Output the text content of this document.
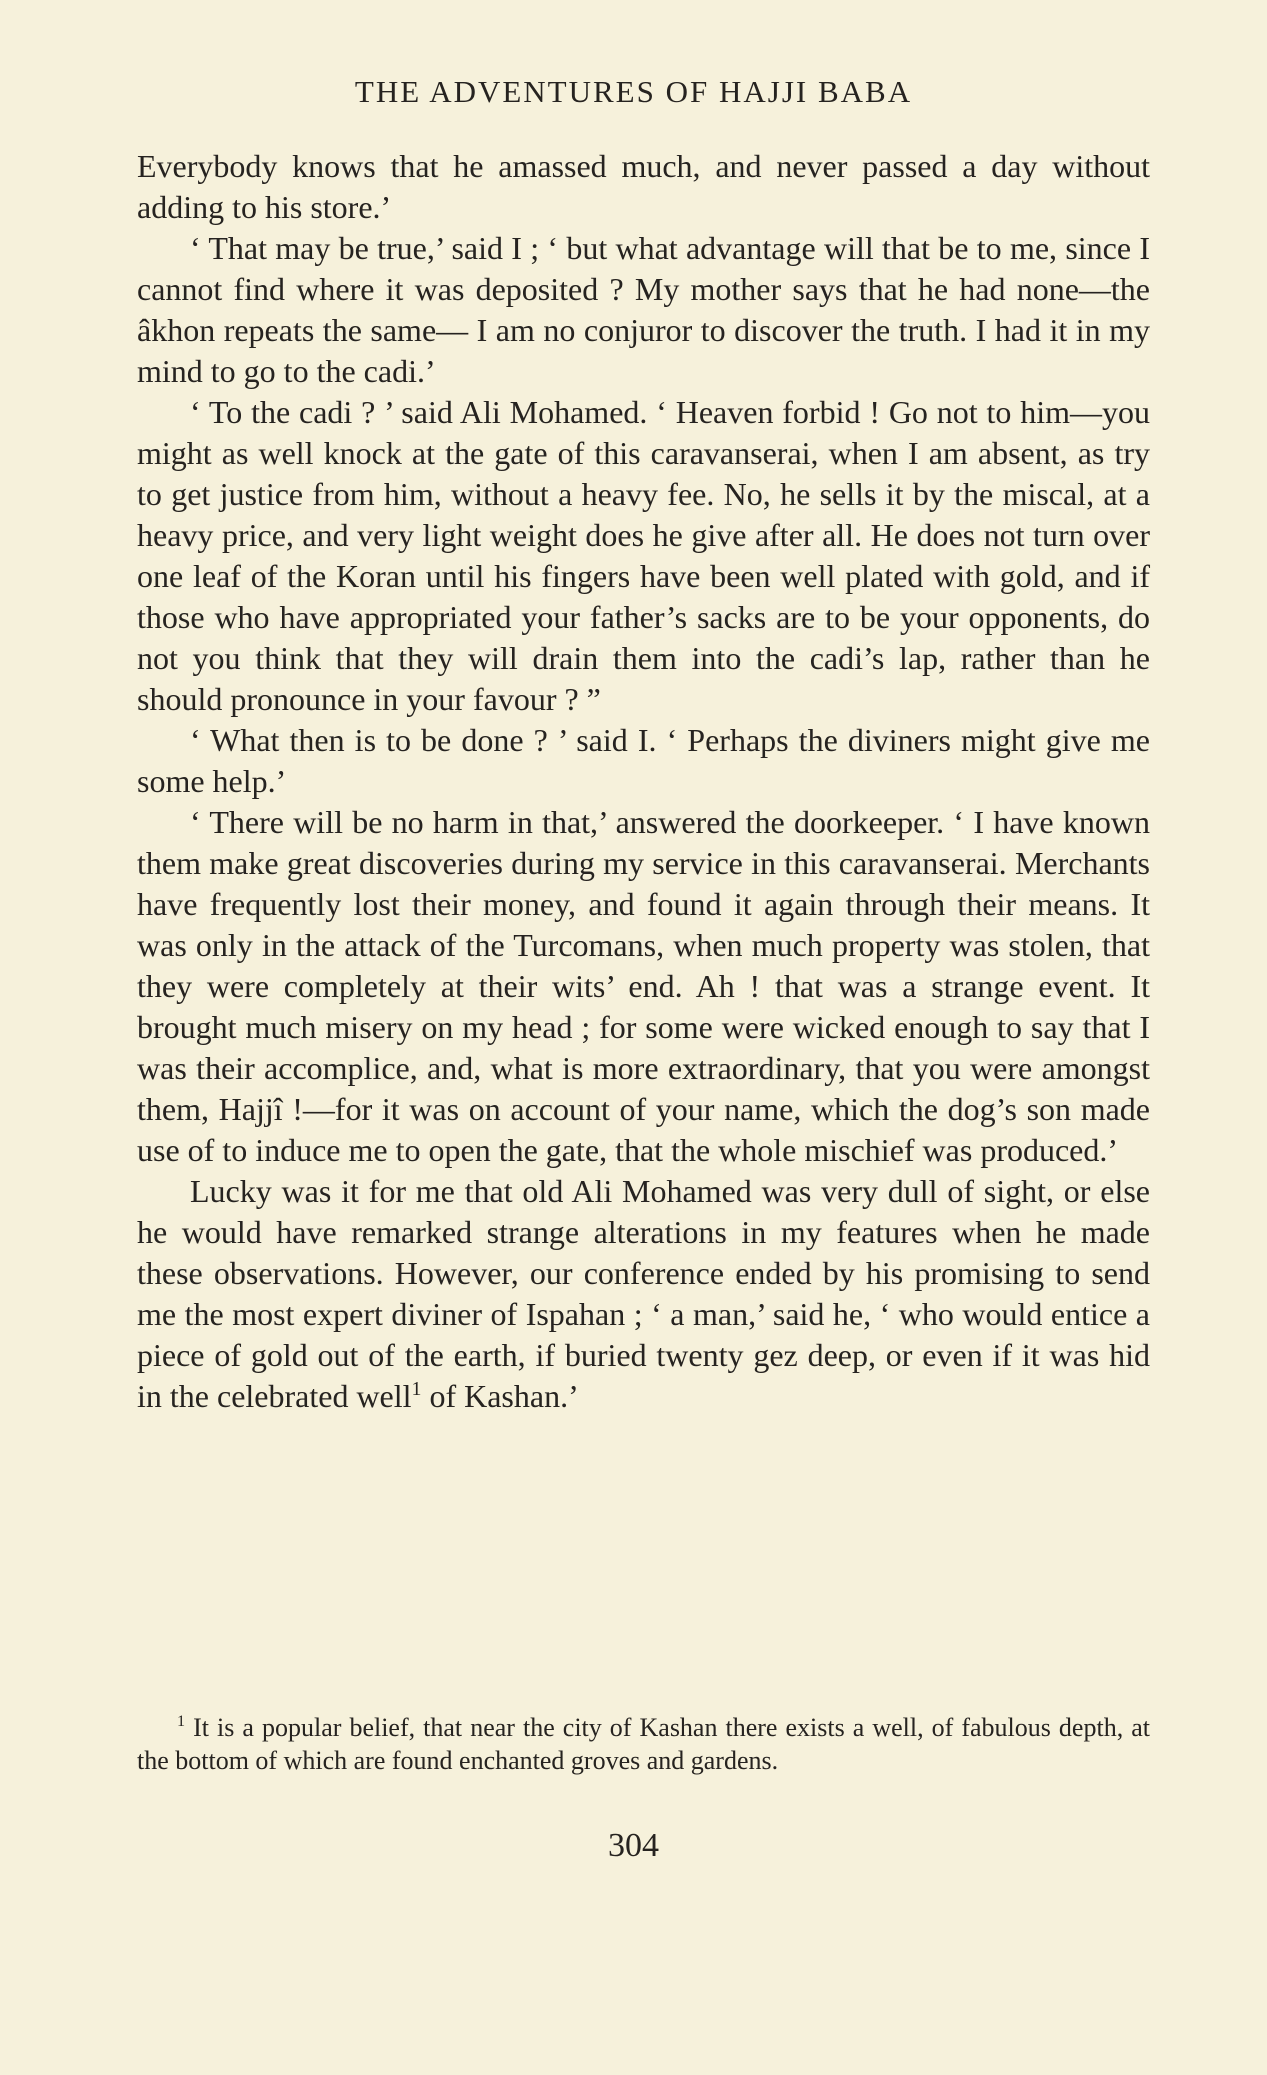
THE ADVENTURES OF HAJJI BABA

Everybody knows that he amassed much, and never passed a day without adding to his store.’

‘ That may be true,’ said I ; ‘ but what advantage will that be to me, since I cannot find where it was deposited ? My mother says that he had none—the âkhon repeats the same— I am no conjuror to discover the truth. I had it in my mind to go to the cadi.’

‘ To the cadi ? ’ said Ali Mohamed. ‘ Heaven forbid ! Go not to him—you might as well knock at the gate of this caravanserai, when I am absent, as try to get justice from him, without a heavy fee. No, he sells it by the miscal, at a heavy price, and very light weight does he give after all. He does not turn over one leaf of the Koran until his fingers have been well plated with gold, and if those who have appropriated your father’s sacks are to be your opponents, do not you think that they will drain them into the cadi’s lap, rather than he should pronounce in your favour ? ”

‘ What then is to be done ? ’ said I. ‘ Perhaps the diviners might give me some help.’

‘ There will be no harm in that,’ answered the doorkeeper. ‘ I have known them make great discoveries during my service in this caravanserai. Merchants have frequently lost their money, and found it again through their means. It was only in the attack of the Turcomans, when much property was stolen, that they were completely at their wits’ end. Ah ! that was a strange event. It brought much misery on my head ; for some were wicked enough to say that I was their accomplice, and, what is more extraordinary, that you were amongst them, Hajjî !—for it was on account of your name, which the dog’s son made use of to induce me to open the gate, that the whole mischief was produced.’

Lucky was it for me that old Ali Mohamed was very dull of sight, or else he would have remarked strange alterations in my features when he made these observations. However, our conference ended by his promising to send me the most expert diviner of Ispahan ; ‘ a man,’ said he, ‘ who would entice a piece of gold out of the earth, if buried twenty gez deep, or even if it was hid in the celebrated well$^1$ of Kashan.’

$^1$ It is a popular belief, that near the city of Kashan there exists a well, of fabulous depth, at the bottom of which are found enchanted groves and gardens.
304
